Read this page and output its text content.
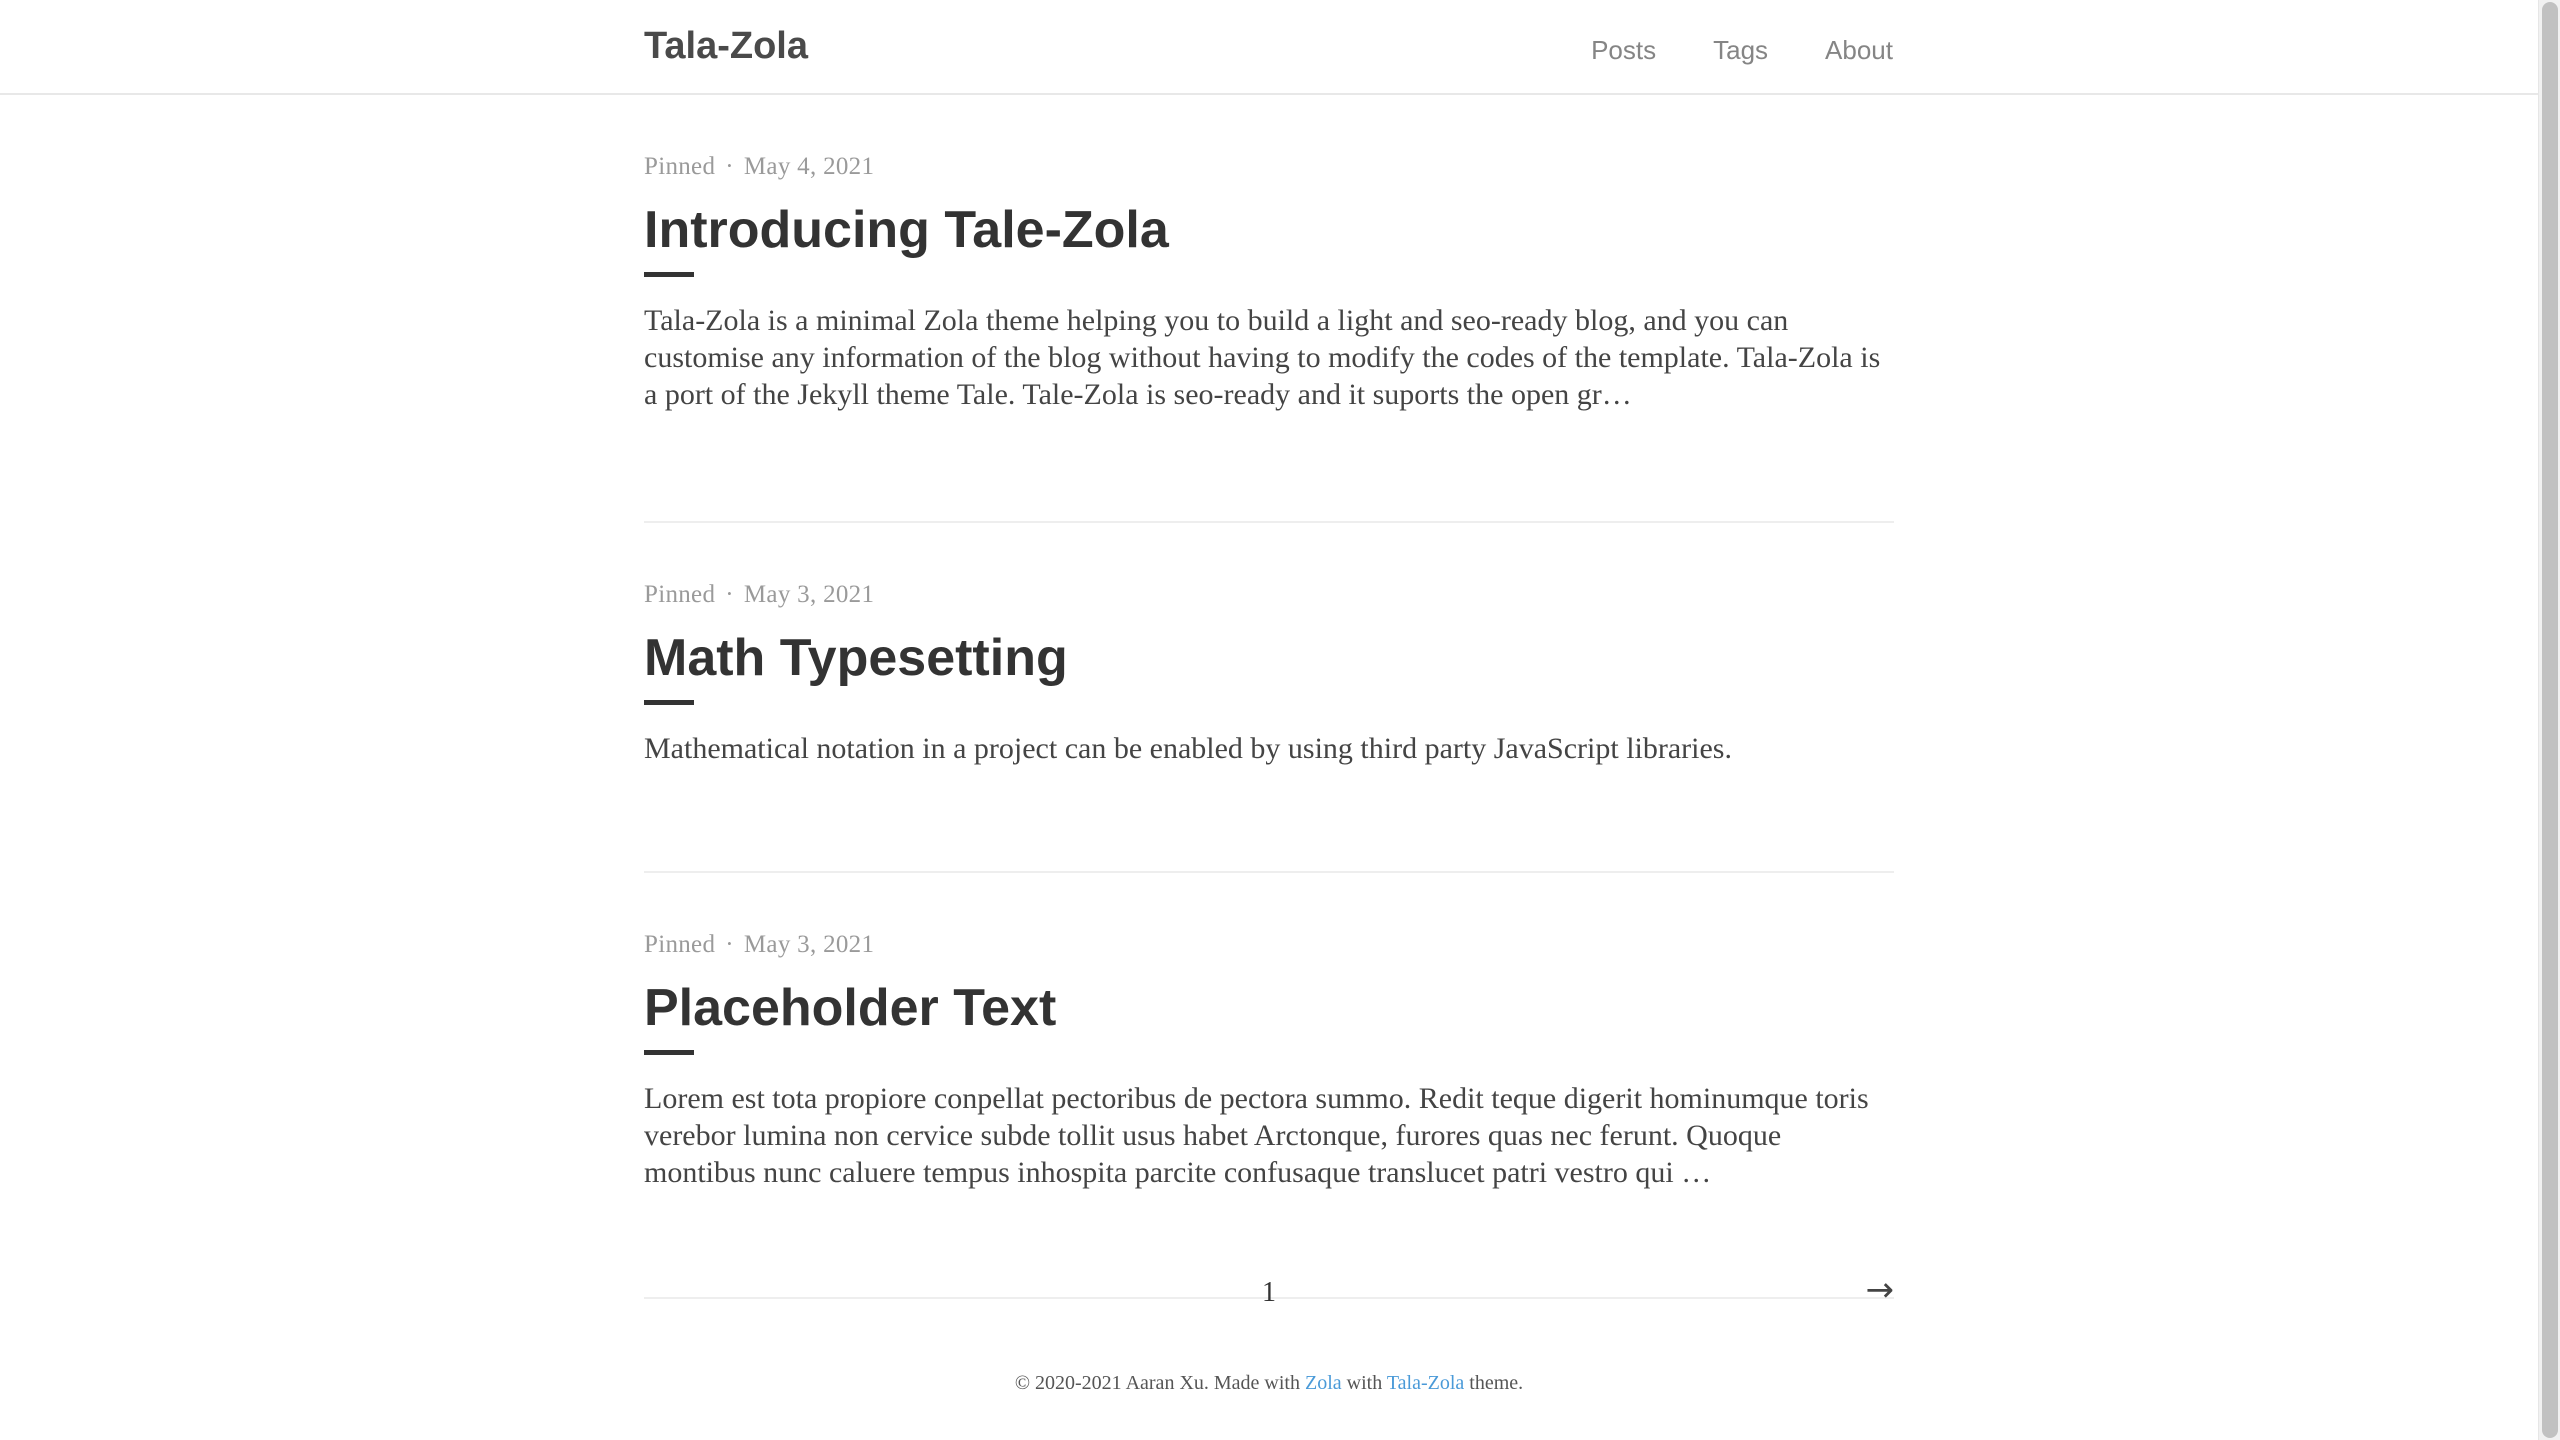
Tala-Zola	Posts Tags About
Pinned · May 4, 2021
Introducing Tale-Zola

Tala-Zola is a minimal Zola theme helping you to build a light and seo-ready blog, and you can customise any information of the blog without having to modify the codes of the template. Tala-Zola is a port of the Jekyll theme Tale. Tale-Zola is seo-ready and it suports the open gr…

Pinned · May 3, 2021
Math Typesetting

Mathematical notation in a project can be enabled by using third party JavaScript libraries.

Pinned · May 3, 2021
Placeholder Text

Lorem est tota propiore conpellat pectoribus de pectora summo. Redit teque digerit hominumque toris verebor lumina non cervice subde tollit usus habet Arctonque, furores quas nec ferunt. Quoque montibus nunc caluere tempus inhospita parcite confusaque translucet patri vestro qui …

1	→
© 2020-2021 Aaran Xu. Made with Zola with Tala-Zola theme.
